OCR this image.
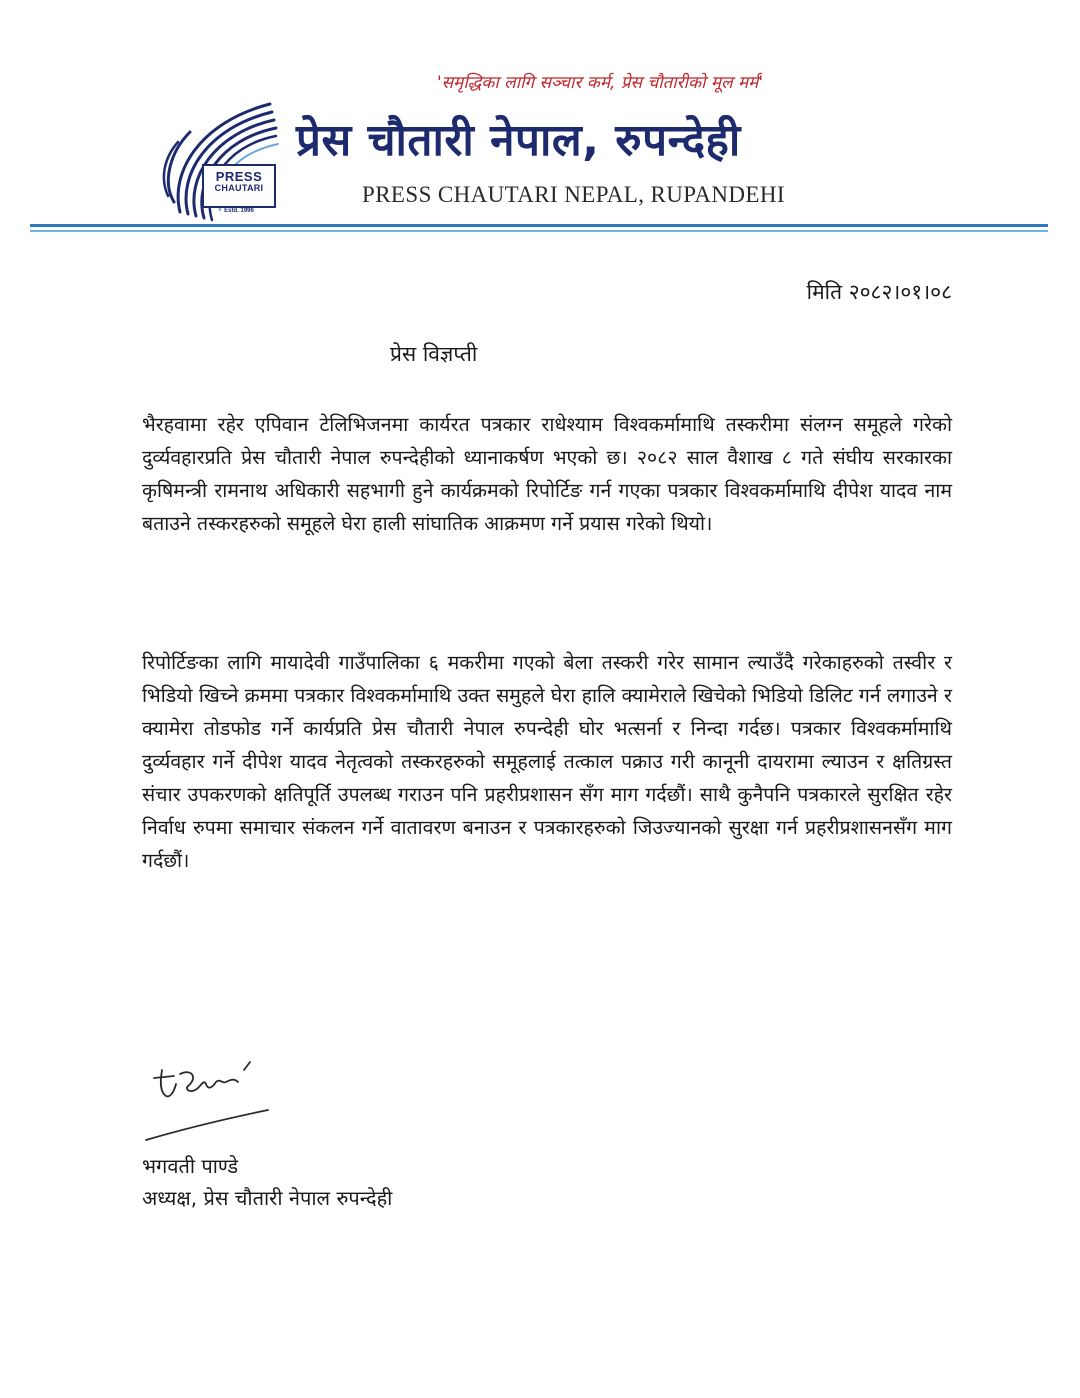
PRESS
CHAUTARI
Estd. 1996
'समृद्धिका लागि सञ्चार कर्म, प्रेस चौतारीको मूल मर्म'
प्रेस चौतारी नेपाल, रुपन्देही
PRESS CHAUTARI NEPAL, RUPANDEHI
मिति २०८२।०१।०८
प्रेस विज्ञप्ती
भैरहवामा रहेर एपिवान टेलिभिजनमा कार्यरत पत्रकार राधेश्याम विश्वकर्मामाथि तस्करीमा संलग्न समूहले गरेको दुर्व्यवहारप्रति प्रेस चौतारी नेपाल रुपन्देहीको ध्यानाकर्षण भएको छ। २०८२ साल वैशाख ८ गते संघीय सरकारका कृषिमन्त्री रामनाथ अधिकारी सहभागी हुने कार्यक्रमको रिपोर्टिङ गर्न गएका पत्रकार विश्वकर्मामाथि दीपेश यादव नाम बताउने तस्करहरुको समूहले घेरा हाली सांघातिक आक्रमण गर्ने प्रयास गरेको थियो।
रिपोर्टिङका लागि मायादेवी गाउँपालिका ६ मकरीमा गएको बेला तस्करी गरेर सामान ल्याउँदै गरेकाहरुको तस्वीर र भिडियो खिच्ने क्रममा पत्रकार विश्वकर्मामाथि उक्त समुहले घेरा हालि क्यामेराले खिचेको भिडियो डिलिट गर्न लगाउने र क्यामेरा तोडफोड गर्ने कार्यप्रति प्रेस चौतारी नेपाल रुपन्देही घोर भत्सर्ना र निन्दा गर्दछ। पत्रकार विश्वकर्मामाथि दुर्व्यवहार गर्ने दीपेश यादव नेतृत्वको तस्करहरुको समूहलाई तत्काल पक्राउ गरी कानूनी दायरामा ल्याउन र क्षतिग्रस्त संचार उपकरणको क्षतिपूर्ति उपलब्ध गराउन पनि प्रहरीप्रशासन सँग माग गर्दछौं। साथै कुनैपनि पत्रकारले सुरक्षित रहेर निर्वाध रुपमा समाचार संकलन गर्ने वातावरण बनाउन र पत्रकारहरुको जिउज्यानको सुरक्षा गर्न प्रहरीप्रशासनसँग माग गर्दछौं।
भगवती पाण्डे
अध्यक्ष, प्रेस चौतारी नेपाल रुपन्देही
